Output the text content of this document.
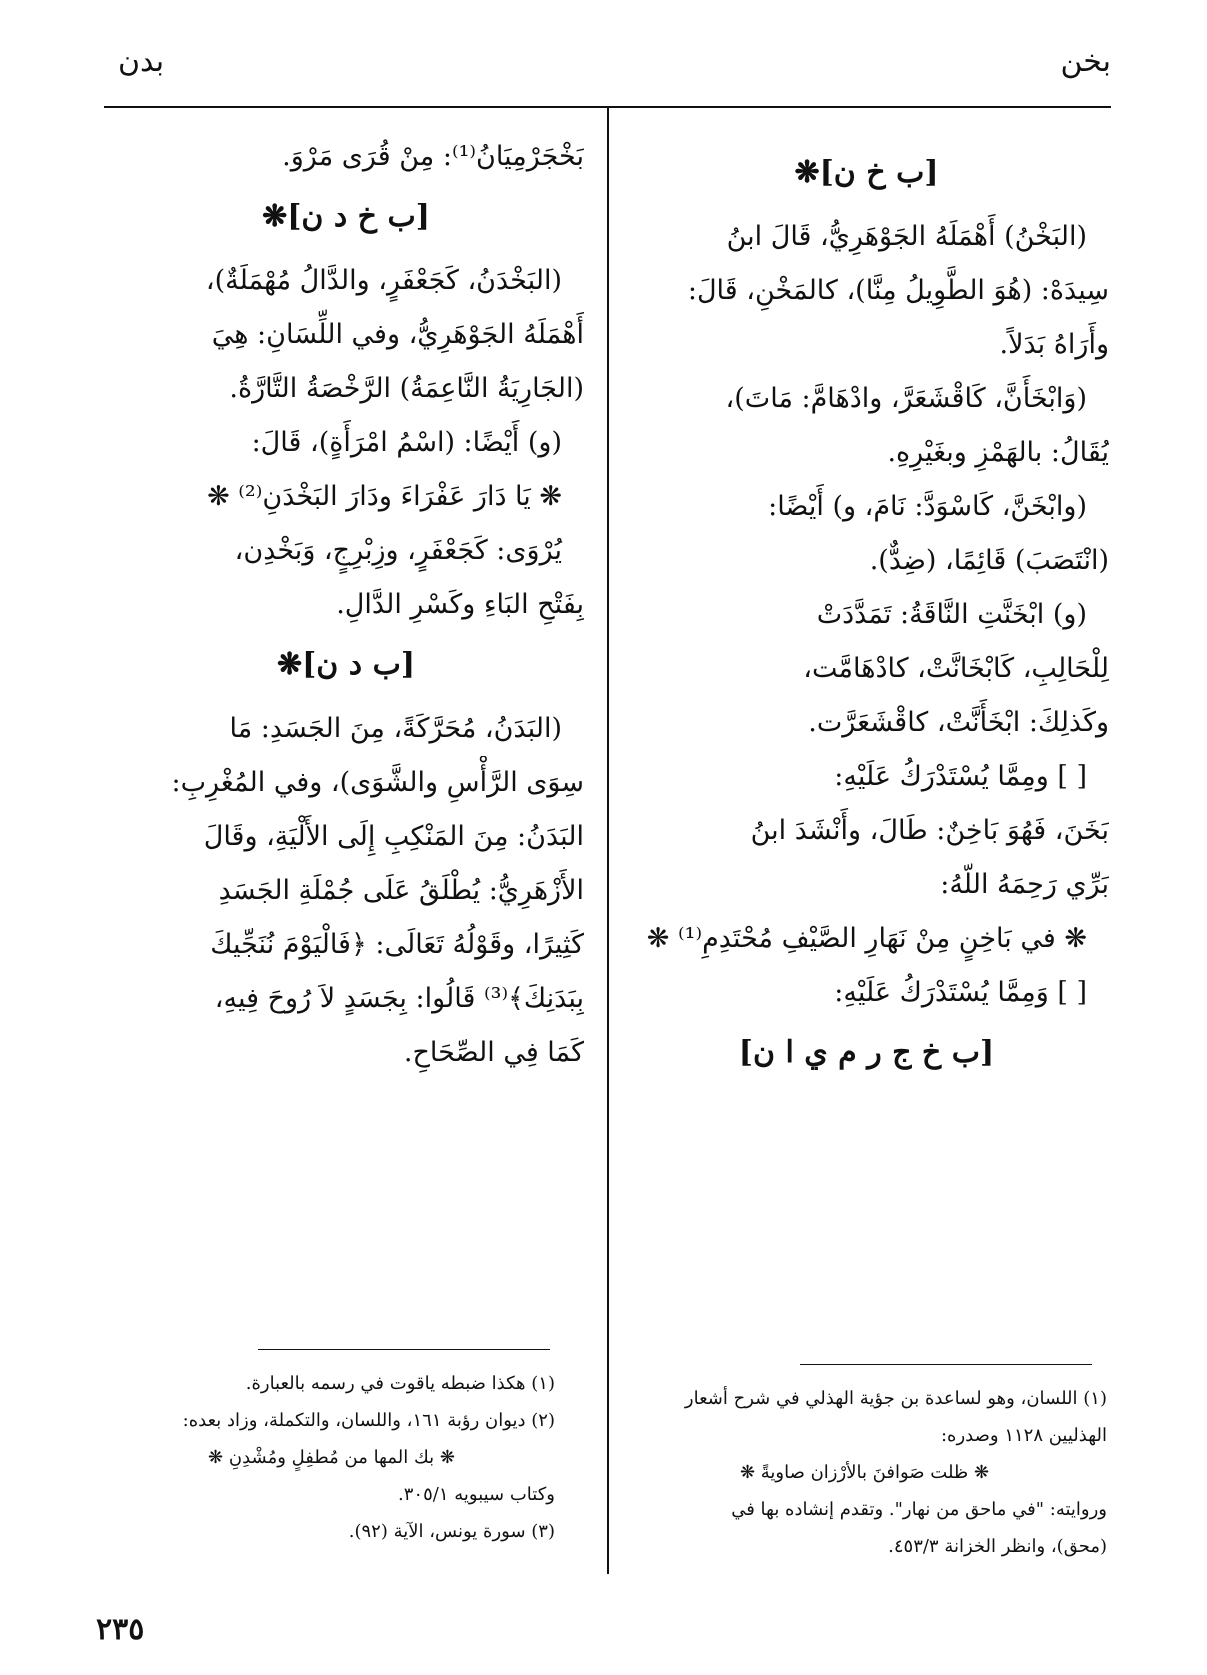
بخن
بدن

[ب خ ن]❋

(البَخْنُ) أَهْمَلَهُ الجَوْهَرِيُّ، قَالَ ابنُ

سِيدَهْ: (هُوَ الطَّوِيلُ مِنَّا)، كالمَخْنِ، قَالَ:

وأَرَاهُ بَدَلاً.

(وَابْخَأَنَّ، كَاقْشَعَرَّ، وادْهَامَّ: مَاتَ)،

يُقَالُ: بالهَمْزِ وبغَيْرِهِ.

(وابْخَنَّ، كَاسْوَدَّ: نَامَ، و) أَيْضًا:

(انْتَصَبَ) قَائِمًا، (ضِدٌّ).

(و) ابْخَنَّتِ النَّاقَةُ: تَمَدَّدَتْ

لِلْحَالِبِ، كَابْخَانَّتْ، كادْهَامَّت،

وكَذلِكَ: ابْخَأَنَّتْ، كاقْشَعَرَّت.

[ ] ومِمَّا يُسْتَدْرَكُ عَلَيْهِ:

بَخَنَ، فَهُوَ بَاخِنٌ: طَالَ، وأَنْشَدَ ابنُ

بَرِّي رَحِمَهُ اللّهُ:

❋ في بَاخِنٍ مِنْ نَهَارِ الصَّيْفِ مُحْتَدِمِ⁽¹⁾ ❋

[ ] وَمِمَّا يُسْتَدْرَكُ عَلَيْهِ:

[ب خ ج ر م ي ا ن]

بَخْجَرْمِيَانُ⁽¹⁾: مِنْ قُرَى مَرْوَ.

[ب خ د ن]❋

(البَخْدَنُ، كَجَعْفَرٍ، والدَّالُ مُهْمَلَةٌ)،

أَهْمَلَهُ الجَوْهَرِيُّ، وفي اللِّسَانِ: هِيَ

(الجَارِيَةُ النَّاعِمَةُ) الرَّخْصَةُ التَّارَّةُ.

(و) أَيْضًا: (اسْمُ امْرَأَةٍ)، قَالَ:

❋ يَا دَارَ عَفْرَاءَ ودَارَ البَخْدَنِ⁽²⁾ ❋

يُرْوَى: كَجَعْفَرٍ، وزِبْرِجٍ، وَبَخْدِن،

بِفَتْحِ البَاءِ وكَسْرِ الدَّالِ.

[ب د ن]❋

(البَدَنُ، مُحَرَّكَةً، مِنَ الجَسَدِ: مَا

سِوَى الرَّأْسِ والشَّوَى)، وفي المُغْرِبِ:

البَدَنُ: مِنَ المَنْكِبِ إِلَى الأَلْيَةِ، وقَالَ

الأَزْهَرِيُّ: يُطْلَقُ عَلَى جُمْلَةِ الجَسَدِ

كَثِيرًا، وقَوْلُهُ تَعَالَى: ﴿فَالْيَوْمَ نُنَجِّيكَ

بِبَدَنِكَ﴾⁽³⁾ قَالُوا: بِجَسَدٍ لاَ رُوحَ فِيهِ،

كَمَا فِي الصِّحَاحِ.

(١) اللسان، وهو لساعدة بن جؤية الهذلي في شرح أشعار

الهذليين ١١٢٨ وصدره:

❋ ظلت صَوافنَ بالأرْزان صاويةً ❋

وروايته: "في ماحق من نهار". وتقدم إنشاده بها في

(محق)، وانظر الخزانة ٤٥٣/٣.

(١) هكذا ضبطه ياقوت في رسمه بالعبارة.

(٢) ديوان رؤبة ١٦١، واللسان، والتكملة، وزاد بعده:

❋ بك المها من مُطفِلٍ ومُشْدِنِ ❋

وكتاب سيبويه ٣٠٥/١.

(٣) سورة يونس، الآية (٩٢).

٢٣٥
